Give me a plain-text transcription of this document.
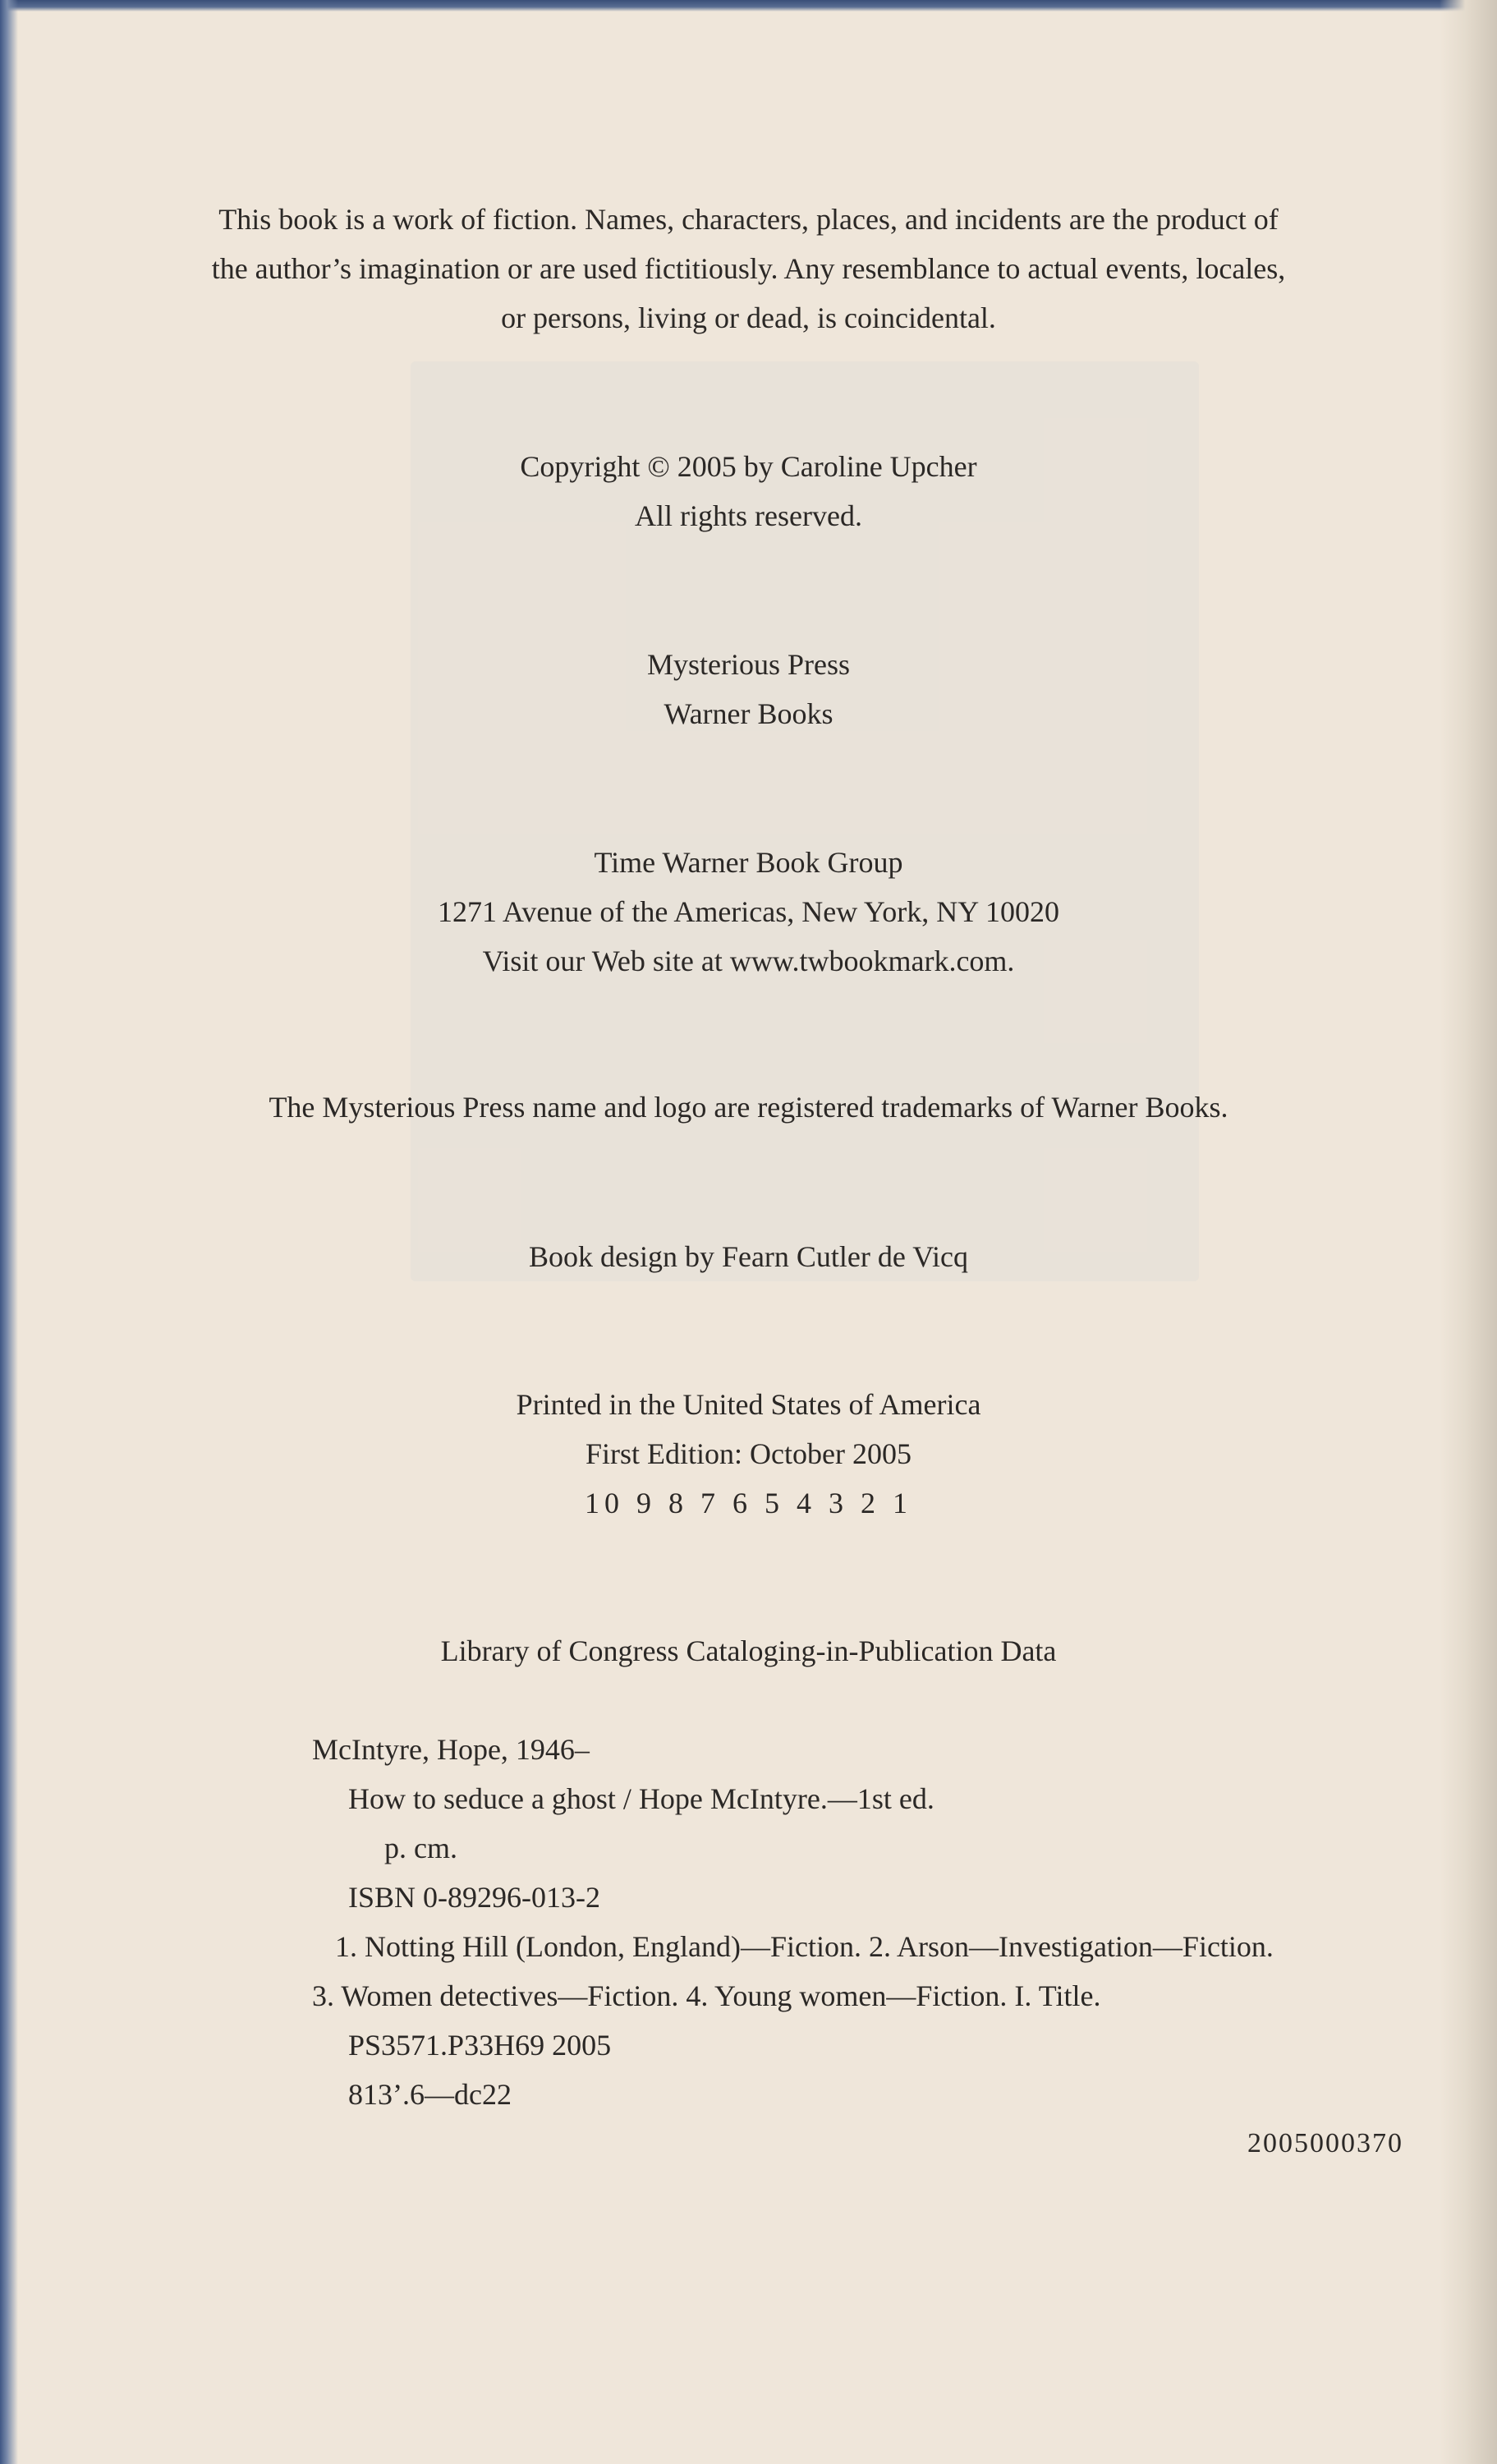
This book is a work of fiction. Names, characters, places, and incidents are the product of
the author’s imagination or are used fictitiously. Any resemblance to actual events, locales,
or persons, living or dead, is coincidental.
Copyright © 2005 by Caroline Upcher
All rights reserved.
Mysterious Press
Warner Books
Time Warner Book Group
1271 Avenue of the Americas, New York, NY 10020
Visit our Web site at www.twbookmark.com.
The Mysterious Press name and logo are registered trademarks of Warner Books.
Book design by Fearn Cutler de Vicq
Printed in the United States of America
First Edition: October 2005
10 9 8 7 6 5 4 3 2 1
Library of Congress Cataloging-in-Publication Data
McIntyre, Hope, 1946–
How to seduce a ghost / Hope McIntyre.—1st ed.
p. cm.
ISBN 0-89296-013-2
1. Notting Hill (London, England)—Fiction. 2. Arson—Investigation—Fiction.
3. Women detectives—Fiction. 4. Young women—Fiction. I. Title.
PS3571.P33H69 2005
813’.6—dc22
2005000370
